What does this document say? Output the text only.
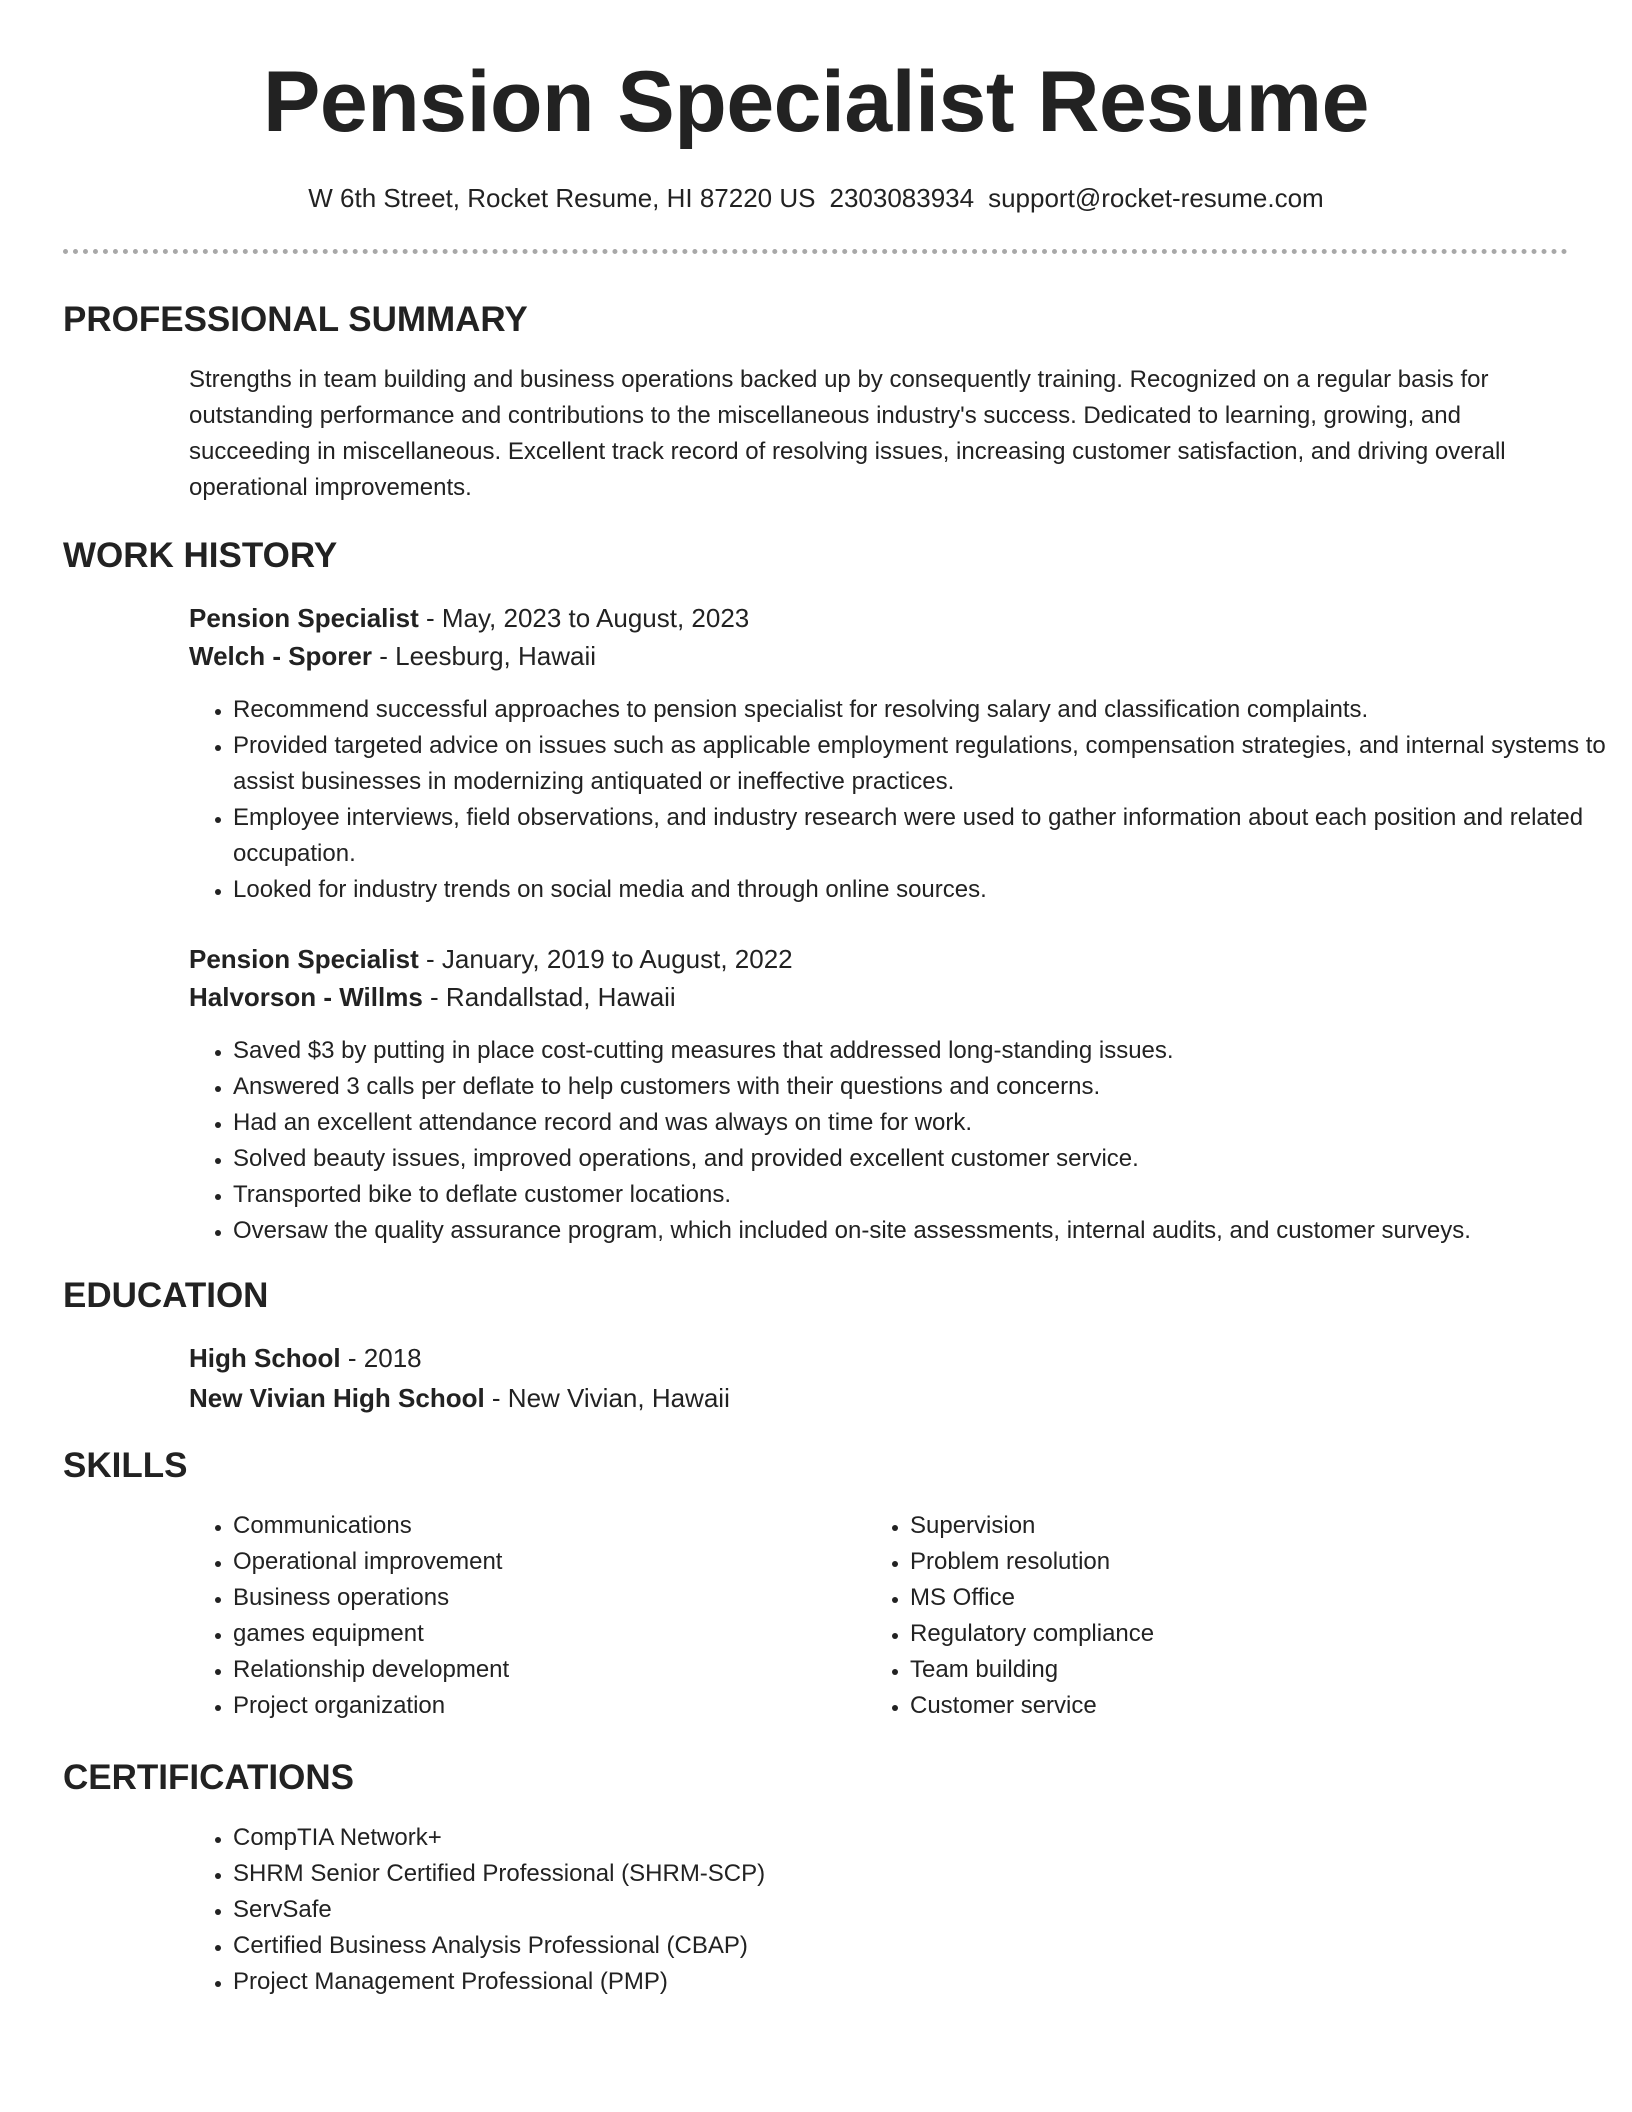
Pension Specialist Resume
W 6th Street, Rocket Resume, HI 87220 US 2303083934 support@rocket-resume.com
PROFESSIONAL SUMMARY

Strengths in team building and business operations backed up by consequently training. Recognized on a regular basis for outstanding performance and contributions to the miscellaneous industry's success. Dedicated to learning, growing, and succeeding in miscellaneous. Excellent track record of resolving issues, increasing customer satisfaction, and driving overall operational improvements.

WORK HISTORY
Pension Specialist - May, 2023 to August, 2023
Welch - Sporer - Leesburg, Hawaii
• Recommend successful approaches to pension specialist for resolving salary and classification complaints.
• Provided targeted advice on issues such as applicable employment regulations, compensation strategies, and internal systems to assist businesses in modernizing antiquated or ineffective practices.
• Employee interviews, field observations, and industry research were used to gather information about each position and related occupation.
• Looked for industry trends on social media and through online sources.
Pension Specialist - January, 2019 to August, 2022
Halvorson - Willms - Randallstad, Hawaii
• Saved $3 by putting in place cost-cutting measures that addressed long-standing issues.
• Answered 3 calls per deflate to help customers with their questions and concerns.
• Had an excellent attendance record and was always on time for work.
• Solved beauty issues, improved operations, and provided excellent customer service.
• Transported bike to deflate customer locations.
• Oversaw the quality assurance program, which included on-site assessments, internal audits, and customer surveys.
EDUCATION
High School - 2018
New Vivian High School - New Vivian, Hawaii
SKILLS
• Communications
• Operational improvement
• Business operations
• games equipment
• Relationship development
• Project organization
• Supervision
• Problem resolution
• MS Office
• Regulatory compliance
• Team building
• Customer service
CERTIFICATIONS
• CompTIA Network+
• SHRM Senior Certified Professional (SHRM-SCP)
• ServSafe
• Certified Business Analysis Professional (CBAP)
• Project Management Professional (PMP)
